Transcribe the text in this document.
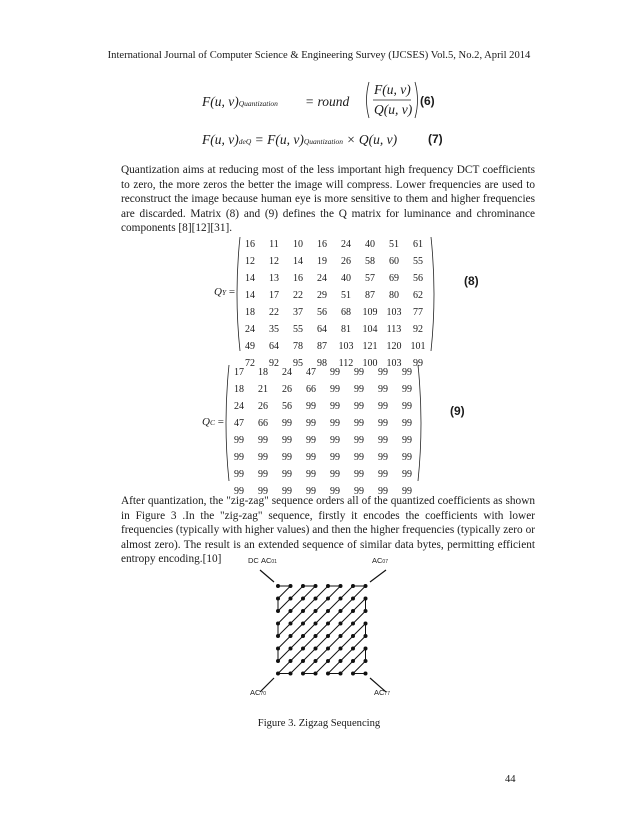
International Journal of Computer Science & Engineering Survey (IJCSES) Vol.5, No.2, April 2014
F(u, v)Quantization = round
F(u, v)
Q(u, v)
(6)
F(u, v)deQ = F(u, v)Quantization × Q(u, v)	(7)
Quantization aims at reducing most of the less important high frequency DCT coefficients to zero, the more zeros the better the image will compress. Lower frequencies are used to reconstruct the image because human eye is more sensitive to them and higher frequencies are discarded. Matrix (8) and (9) defines the Q matrix for luminance and chrominance components [8][12][31].
QY =
16	11	10	16	24	40	51	61
12	12	14	19	26	58	60	55
14	13	16	24	40	57	69	56
14	17	22	29	51	87	80	62
18	22	37	56	68	109	103	77
24	35	55	64	81	104	113	92
49	64	78	87	103	121	120	101
72	92	95	98	112	100	103	99
(8)
QC =
17	18	24	47	99	99	99	99
18	21	26	66	99	99	99	99
24	26	56	99	99	99	99	99
47	66	99	99	99	99	99	99
99	99	99	99	99	99	99	99
99	99	99	99	99	99	99	99
99	99	99	99	99	99	99	99
99	99	99	99	99	99	99	99
(9)
After quantization, the "zig-zag" sequence orders all of the quantized coefficients as shown in Figure 3 .In the "zig-zag" sequence, firstly it encodes the coefficients with lower frequencies (typically with higher values) and then the higher frequencies (typically zero or almost zero). The result is an extended sequence of similar data bytes, permitting efficient entropy encoding.[10]	DC AC01	AC07
AC70	AC77
Figure 3. Zigzag Sequencing
44
